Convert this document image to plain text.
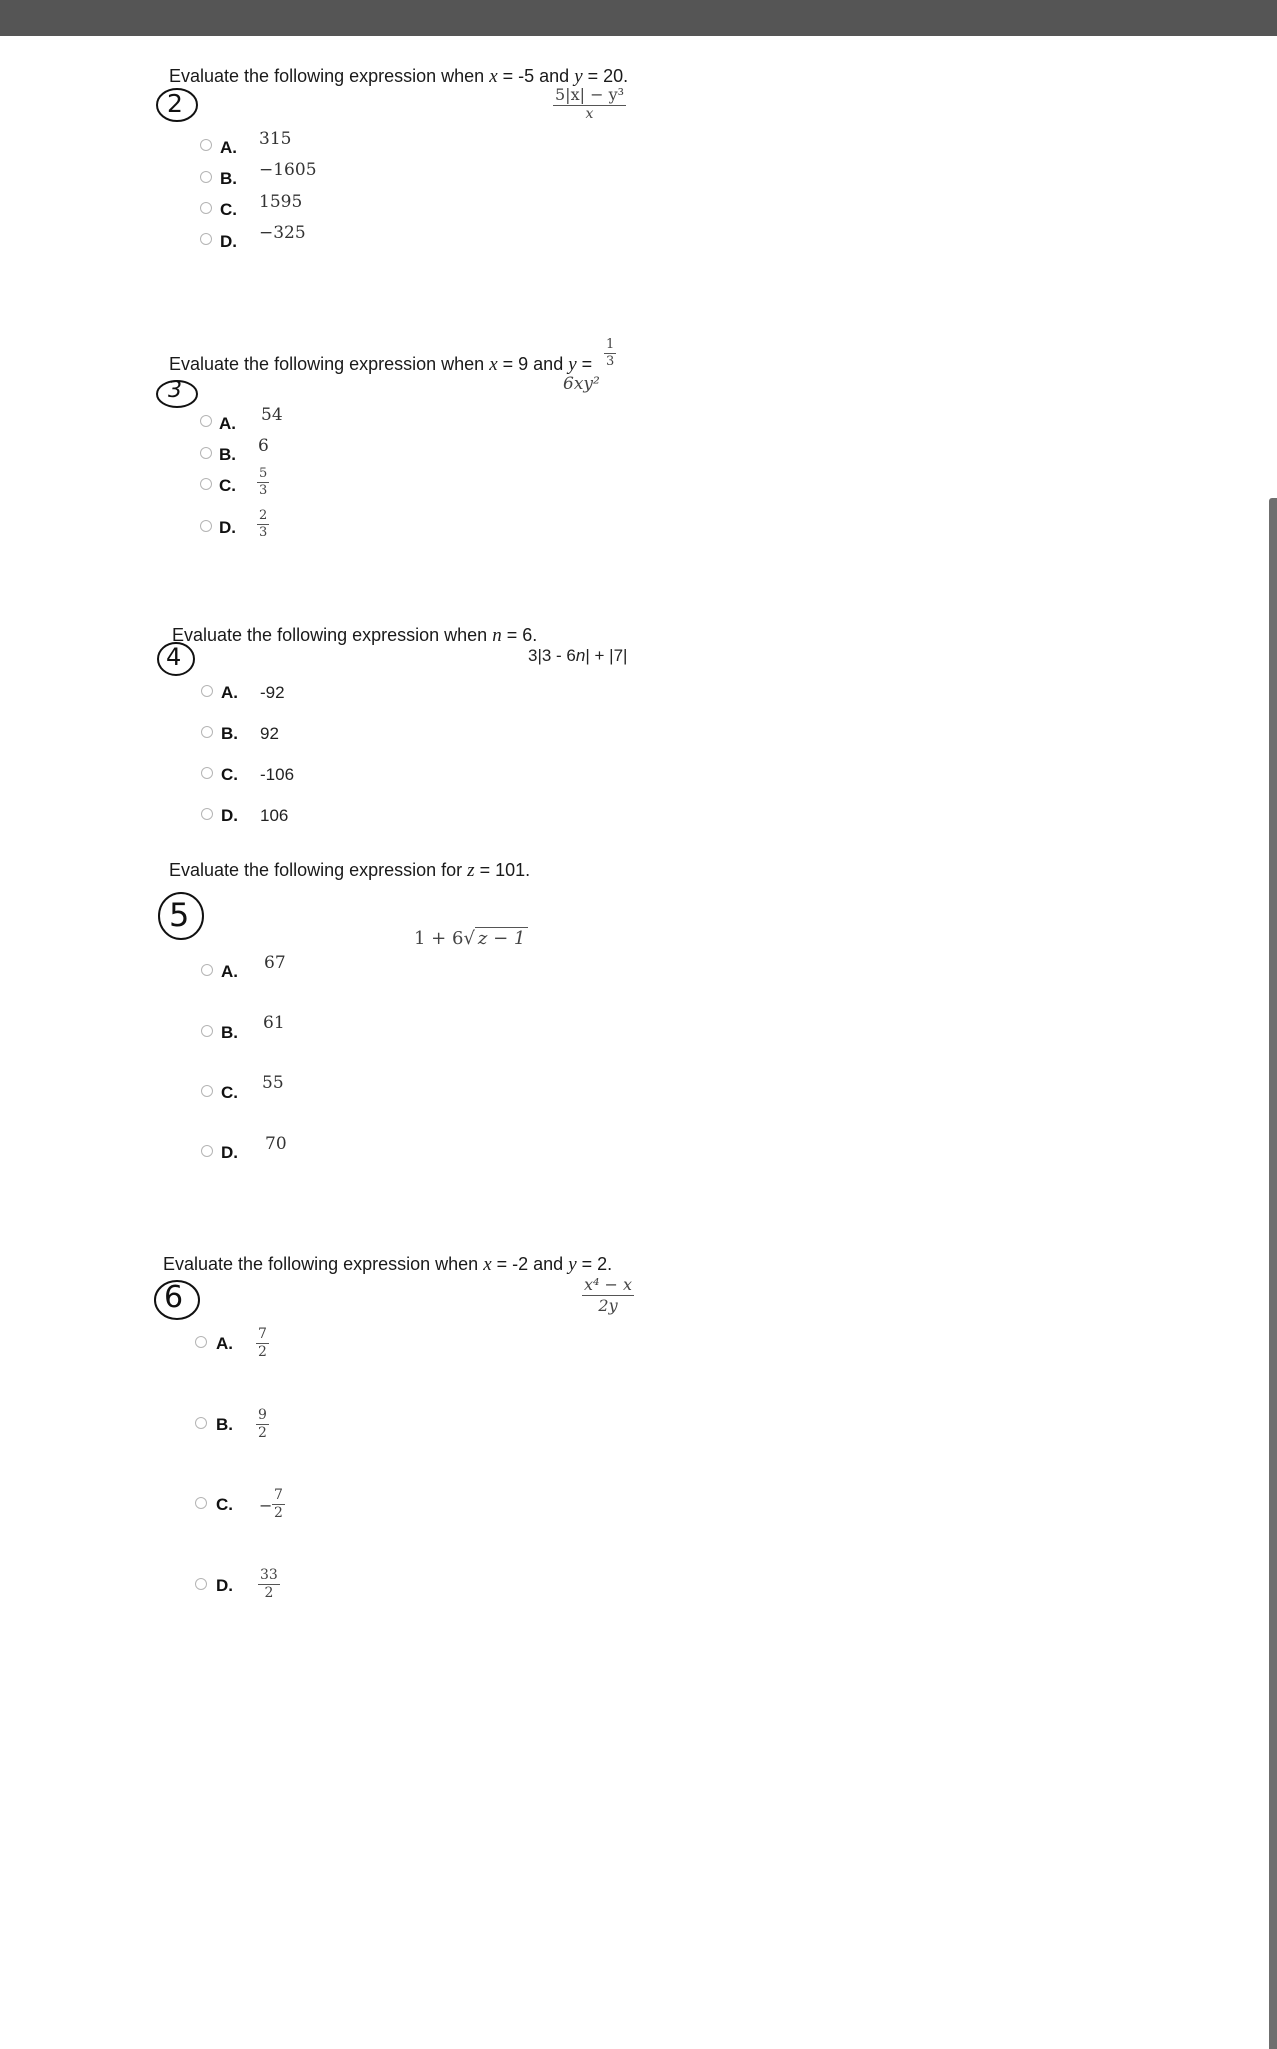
Evaluate the following expression when x = -5 and y = 20.
2	$\frac{\text{5|x| − y³}}{x}$
A. 315
B. −1605
C. 1595
D. −325
Evaluate the following expression when x = 9 and $y = \frac{1}{3}$
3	6xy²
A. 54
B. 6
C. $\frac{5}{3}$
D. $\frac{2}{3}$
Evaluate the following expression when n = 6.
4	3|3 - 6n| + |7|
A. -92
B. 92
C. -106
D. 106
Evaluate the following expression for z = 101.
5
1 + 6√ z − 1
A. 67
B. 61
C. 55
D. 70
Evaluate the following expression when x = -2 and y = 2.
6	$\frac{\text{x⁴ − x}}{2y}$
A. $\frac{7}{2}$
B. $\frac{9}{2}$
C. − $\frac{7}{2}$
D. $\frac{33}{2}$
